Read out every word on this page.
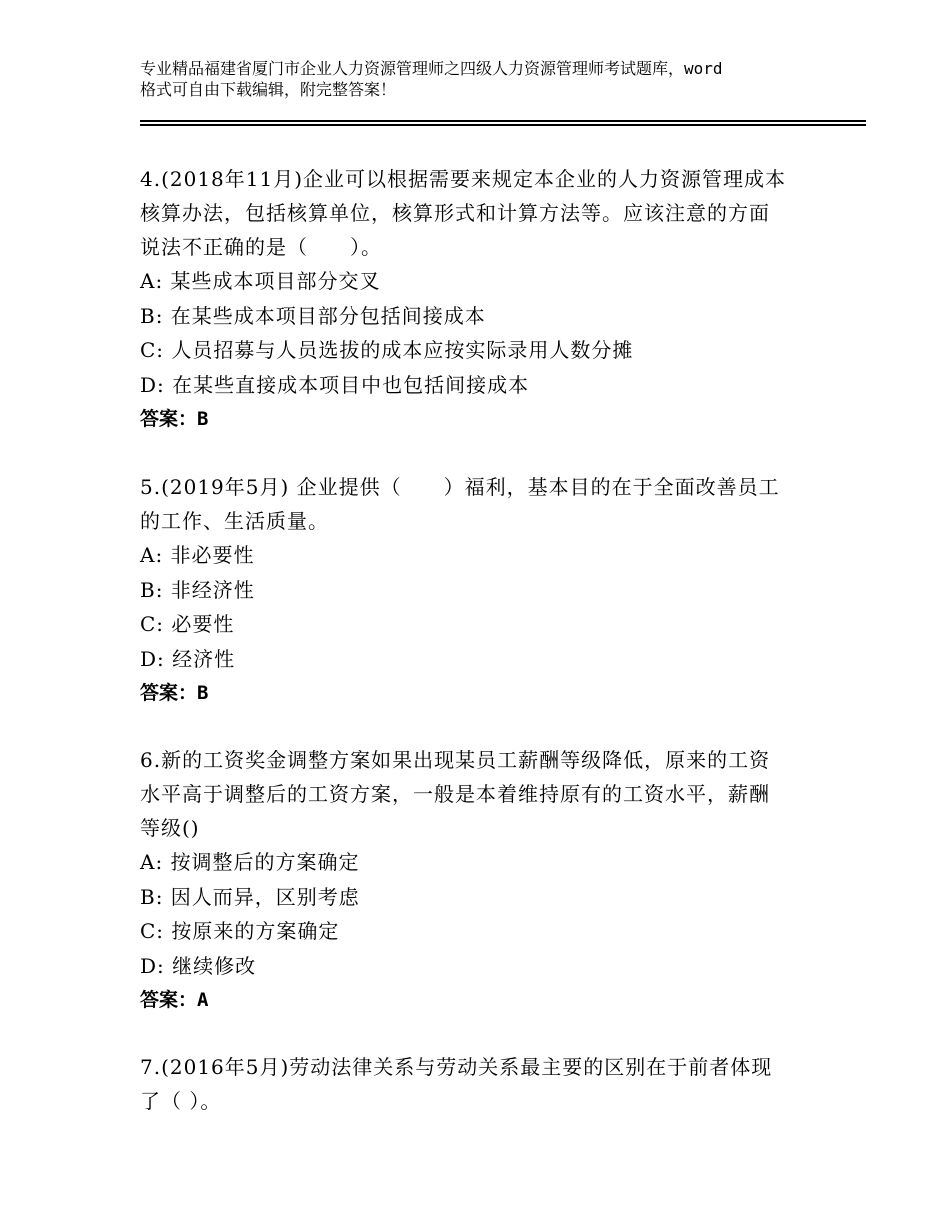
专业精品福建省厦门市企业人力资源管理师之四级人力资源管理师考试题库，word
格式可自由下载编辑，附完整答案！
4.(2018年11月)企业可以根据需要来规定本企业的人力资源管理成本
核算办法，包括核算单位，核算形式和计算方法等。应该注意的方面
说法不正确的是（　　）。
A: 某些成本项目部分交叉
B: 在某些成本项目部分包括间接成本
C: 人员招募与人员选拔的成本应按实际录用人数分摊
D: 在某些直接成本项目中也包括间接成本
答案：B
5.(2019年5月) 企业提供（　　）福利，基本目的在于全面改善员工
的工作、生活质量。
A: 非必要性
B: 非经济性
C: 必要性
D: 经济性
答案：B
6.新的工资奖金调整方案如果出现某员工薪酬等级降低，原来的工资
水平高于调整后的工资方案，一般是本着维持原有的工资水平，薪酬
等级()
A: 按调整后的方案确定
B: 因人而异，区别考虑
C: 按原来的方案确定
D: 继续修改
答案：A
7.(2016年5月)劳动法律关系与劳动关系最主要的区别在于前者体现
了（ ）。
